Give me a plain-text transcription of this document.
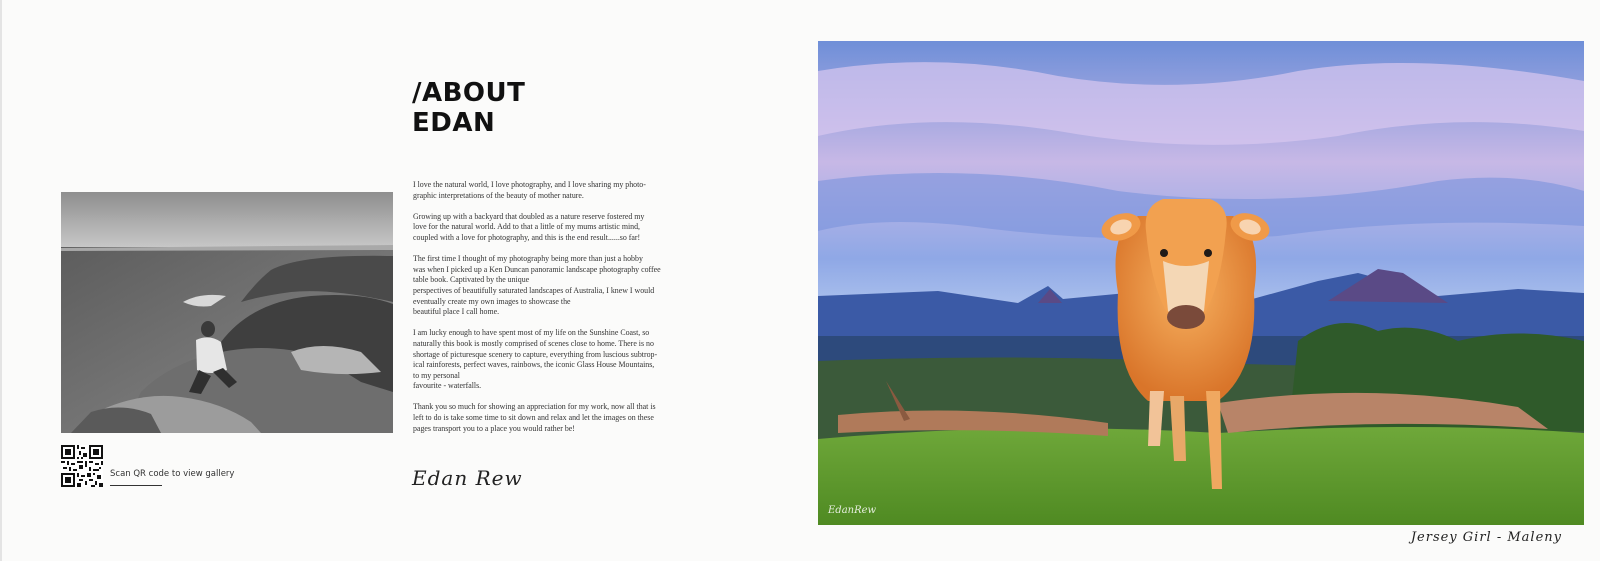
/ABOUT
EDAN
Scan QR code to view gallery

I love the natural world, I love photography, and I love sharing my photo-
graphic interpretations of the beauty of mother nature.

Growing up with a backyard that doubled as a nature reserve fostered my
love for the natural world. Add to that a little of my mums artistic mind,
coupled with a love for photography, and this is the end result......so far!

The first time I thought of my photography being more than just a hobby
was when I picked up a Ken Duncan panoramic landscape photography coffee
table book. Captivated by the unique
perspectives of beautifully saturated landscapes of Australia, I knew I would
eventually create my own images to showcase the
beautiful place I call home.

I am lucky enough to have spent most of my life on the Sunshine Coast, so
naturally this book is mostly comprised of scenes close to home. There is no
shortage of picturesque scenery to capture, everything from luscious subtrop-
ical rainforests, perfect waves, rainbows, the iconic Glass House Mountains,
to my personal
favourite - waterfalls.

Thank you so much for showing an appreciation for my work, now all that is
left to do is take some time to sit down and relax and let the images on these
pages transport you to a place you would rather be!

Edan Rew
EdanRew
Jersey Girl - Maleny
